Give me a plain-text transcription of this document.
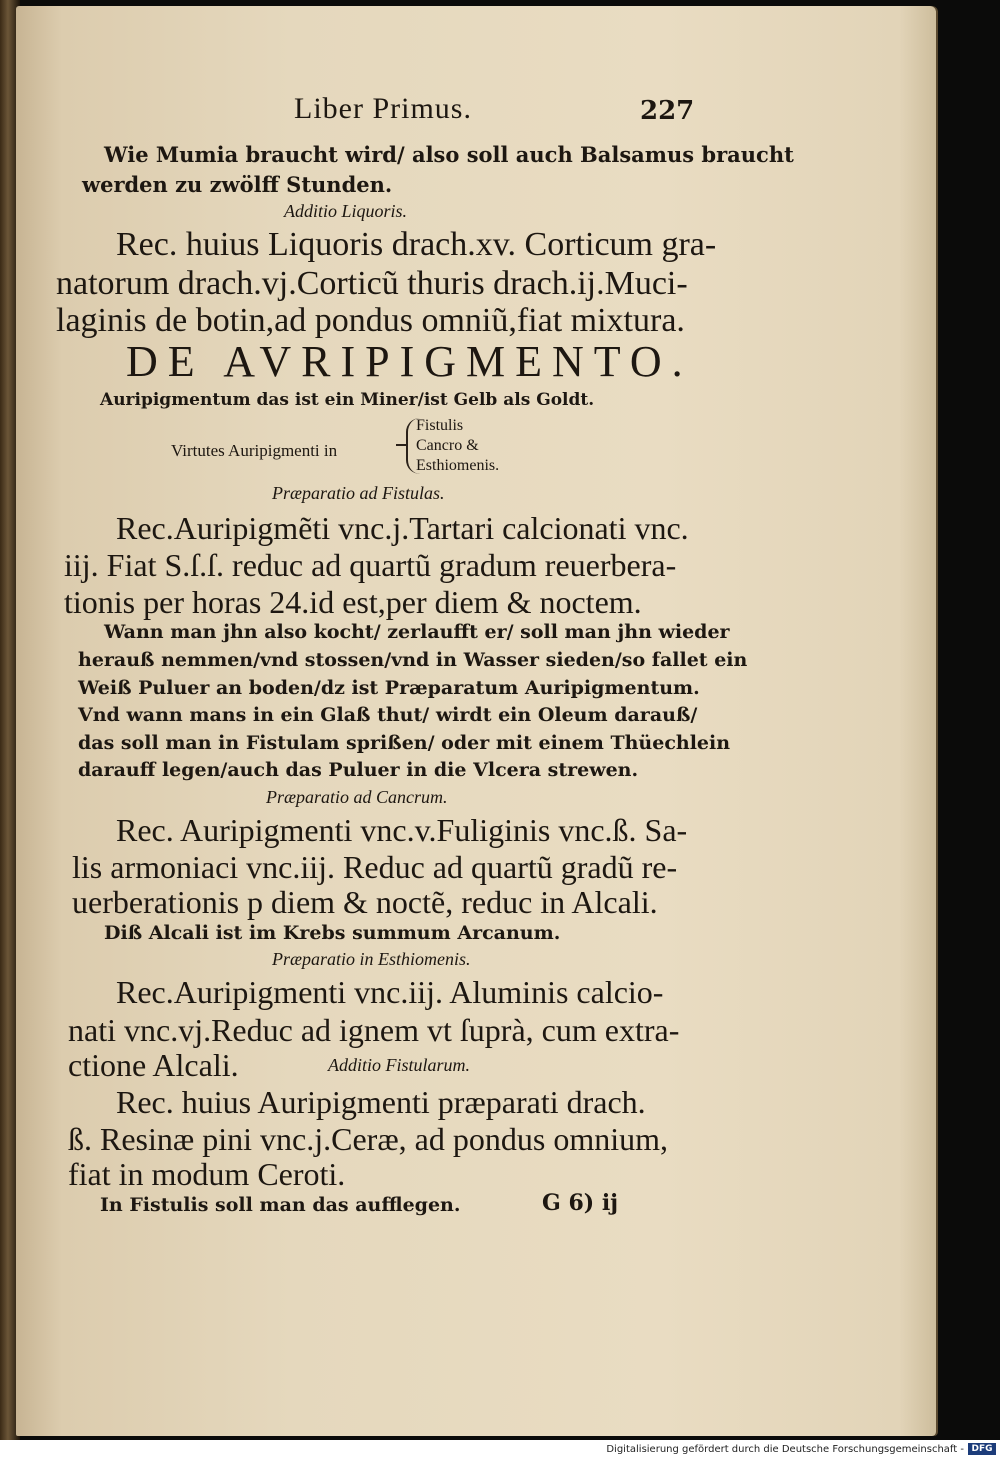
Liber Primus.	227
Wie Mumia braucht wird/ also soll auch Balsamus braucht
werden zu zwölff Stunden.
Additio Liquoris.
Rec. huius Liquoris drach.xv. Corticum gra-
natorum drach.vj.Corticũ thuris drach.ij.Muci-
laginis de botin,ad pondus omniũ,fiat mixtura.
DE AVRIPIGMENTO.
Auripigmentum das ist ein Miner/ist Gelb als Goldt.
Virtutes Auripigmenti in
Fistulis
Cancro &
Esthiomenis.
Præparatio ad Fistulas.
Rec.Auripigmẽti vnc.j.Tartari calcionati vnc.
iij. Fiat S.ſ.ſ. reduc ad quartũ gradum reuerbera-
tionis per horas 24.id est,per diem & noctem.
Wann man jhn also kocht/ zerlaufft er/ soll man jhn wieder
herauß nemmen/vnd stossen/vnd in Wasser sieden/so fallet ein
Weiß Puluer an boden/dz ist Præparatum Auripigmentum.
Vnd wann mans in ein Glaß thut/ wirdt ein Oleum darauß/
das soll man in Fistulam sprißen/ oder mit einem Thüechlein
darauff legen/auch das Puluer in die Vlcera strewen.
Præparatio ad Cancrum.
Rec. Auripigmenti vnc.v.Fuliginis vnc.ß. Sa-
lis armoniaci vnc.iij. Reduc ad quartũ gradũ re-
uerberationis p diem & noctẽ, reduc in Alcali.
Diß Alcali ist im Krebs summum Arcanum.
Præparatio in Esthiomenis.
Rec.Auripigmenti vnc.iij. Aluminis calcio-
nati vnc.vj.Reduc ad ignem vt ſuprà, cum extra-
ctione Alcali.	Additio Fistularum.
Rec. huius Auripigmenti præparati drach.
ß. Resinæ pini vnc.j.Ceræ, ad pondus omnium,
fiat in modum Ceroti.
In Fistulis soll man das aufflegen.	G 6) ij
Digitalisierung gefördert durch die Deutsche Forschungsgemeinschaft - DFG
